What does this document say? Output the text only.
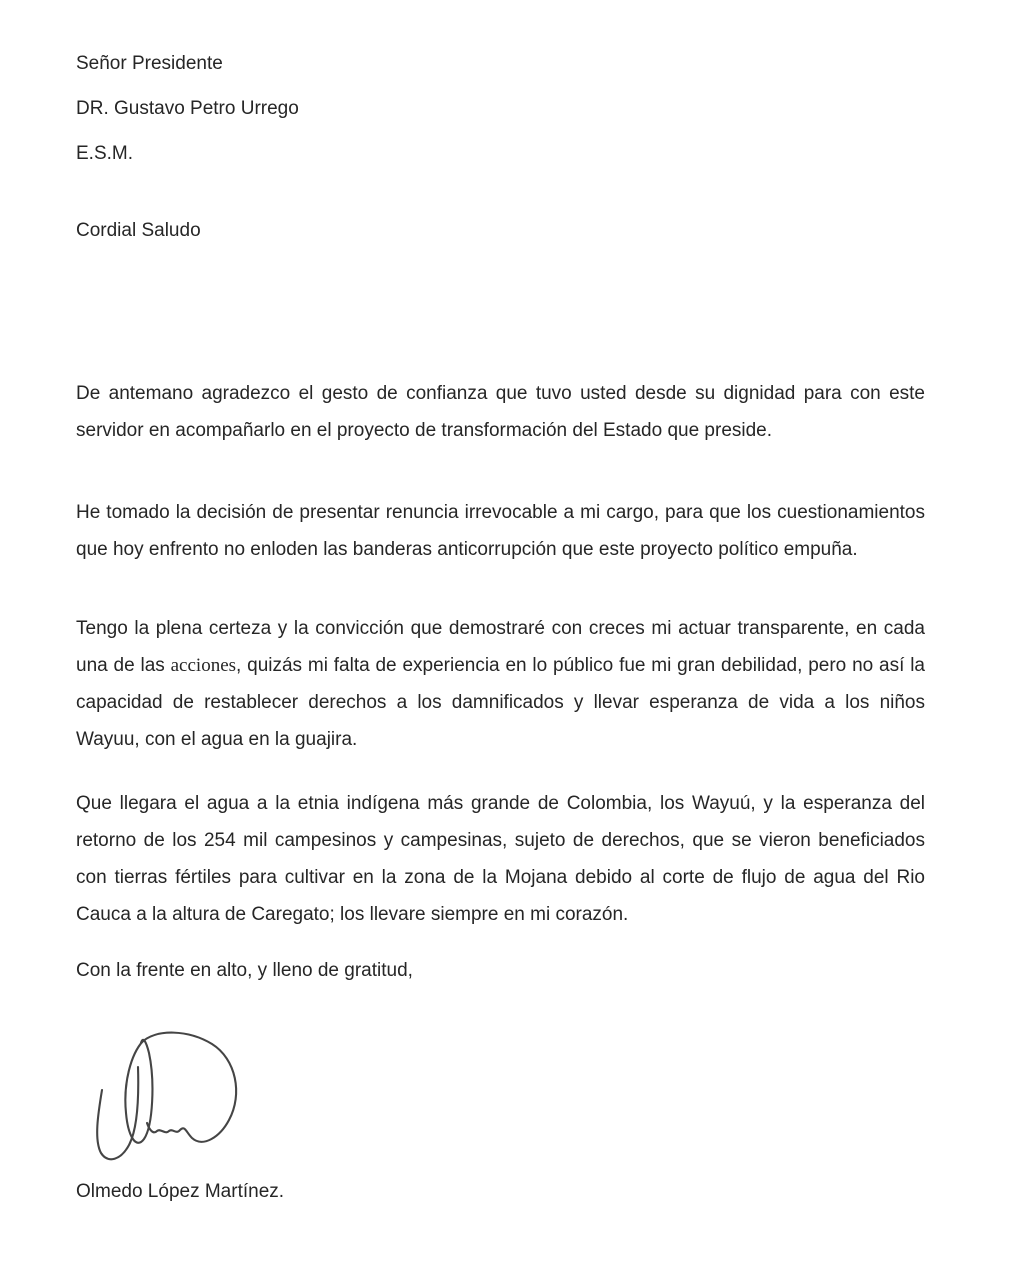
Señor Presidente
DR. Gustavo Petro Urrego
E.S.M.
Cordial Saludo

De antemano agradezco el gesto de confianza que tuvo usted desde su dignidad para con este servidor en acompañarlo en el proyecto de transformación del Estado que preside.

He tomado la decisión de presentar renuncia irrevocable a mi cargo, para que los cuestionamientos que hoy enfrento no enloden las banderas anticorrupción que este proyecto político empuña.

Tengo la plena certeza y la convicción que demostraré con creces mi actuar transparente, en cada una de las acciones, quizás mi falta de experiencia en lo público fue mi gran debilidad, pero no así la capacidad de restablecer derechos a los damnificados y llevar esperanza de vida a los niños Wayuu, con el agua en la guajira.

Que llegara el agua a la etnia indígena más grande de Colombia, los Wayuú, y la esperanza del retorno de los 254 mil campesinos y campesinas, sujeto de derechos, que se vieron beneficiados con tierras fértiles para cultivar en la zona de la Mojana debido al corte de flujo de agua del Rio Cauca a la altura de Caregato; los llevare siempre en mi corazón.

Con la frente en alto, y lleno de gratitud,
Olmedo López Martínez.
